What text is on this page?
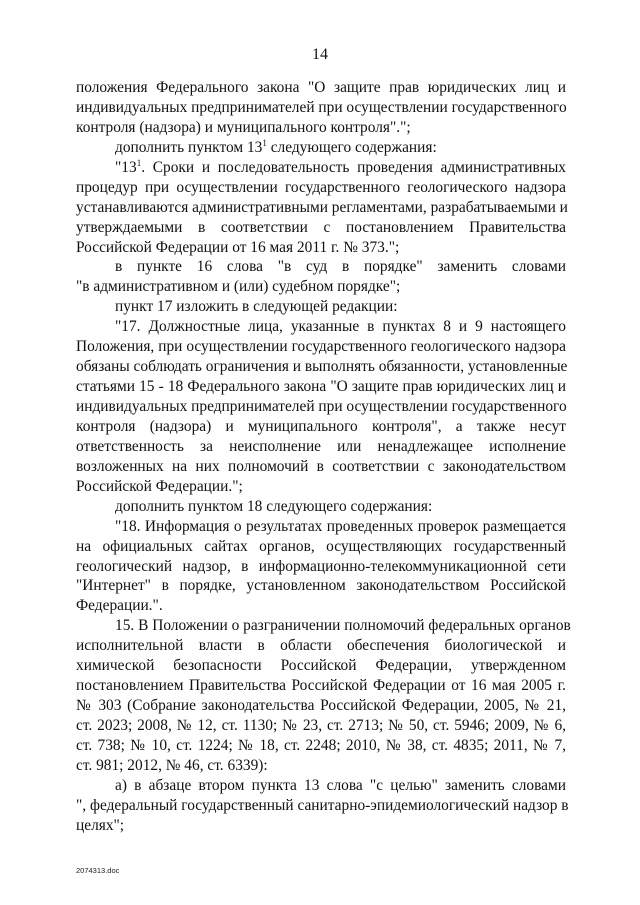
14
положения Федерального закона "О защите прав юридических лиц и
индивидуальных предпринимателей при осуществлении государственного
контроля (надзора) и муниципального контроля".";
дополнить пунктом $13^1$ следующего содержания:
"$13^1$. Сроки и последовательность проведения административных
процедур при осуществлении государственного геологического надзора
устанавливаются административными регламентами, разрабатываемыми и
утверждаемыми в соответствии с постановлением Правительства
Российской Федерации от 16 мая 2011 г. № 373.";
в пункте 16 слова "в суд в порядке" заменить словами
"в административном и (или) судебном порядке";
пункт 17 изложить в следующей редакции:
"17. Должностные лица, указанные в пунктах 8 и 9 настоящего
Положения, при осуществлении государственного геологического надзора
обязаны соблюдать ограничения и выполнять обязанности, установленные
статьями 15 - 18 Федерального закона "О защите прав юридических лиц и
индивидуальных предпринимателей при осуществлении государственного
контроля (надзора) и муниципального контроля", а также несут
ответственность за неисполнение или ненадлежащее исполнение
возложенных на них полномочий в соответствии с законодательством
Российской Федерации.";
дополнить пунктом 18 следующего содержания:
"18. Информация о результатах проведенных проверок размещается
на официальных сайтах органов, осуществляющих государственный
геологический надзор, в информационно-телекоммуникационной сети
"Интернет" в порядке, установленном законодательством Российской
Федерации.".
15. В Положении о разграничении полномочий федеральных органов
исполнительной власти в области обеспечения биологической и
химической безопасности Российской Федерации, утвержденном
постановлением Правительства Российской Федерации от 16 мая 2005 г.
№ 303 (Собрание законодательства Российской Федерации, 2005, № 21,
ст. 2023; 2008, № 12, ст. 1130; № 23, ст. 2713; № 50, ст. 5946; 2009, № 6,
ст. 738; № 10, ст. 1224; № 18, ст. 2248; 2010, № 38, ст. 4835; 2011, № 7,
ст. 981; 2012, № 46, ст. 6339):
а) в абзаце втором пункта 13 слова "с целью" заменить словами
", федеральный государственный санитарно-эпидемиологический надзор в
целях";
2074313.doc
